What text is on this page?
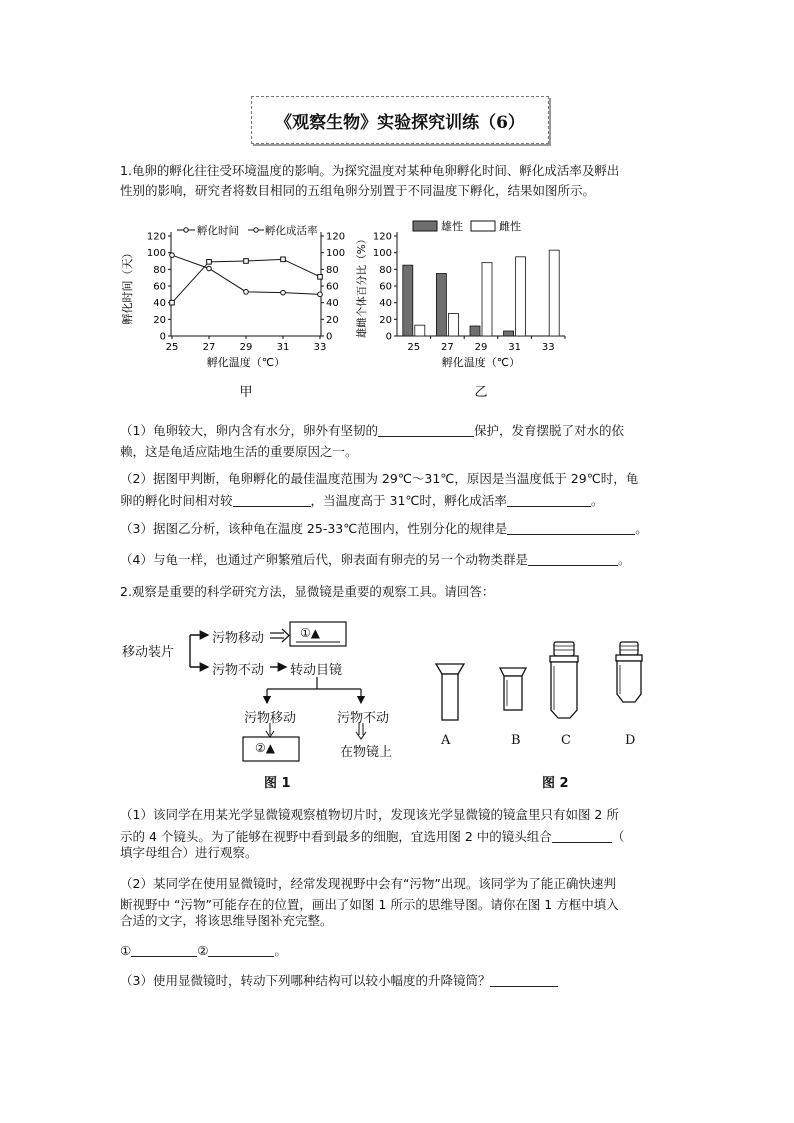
《观察生物》实验探究训练（6）
1.龟卵的孵化往往受环境温度的影响。为探究温度对某种龟卵孵化时间、孵化成活率及孵出
性别的影响，研究者将数目相同的五组龟卵分别置于不同温度下孵化，结果如图所示。
0	0
20	20
40	40
60	60
80	80
100	100
120	120
25 27 29 31 33
孵化时间（天）
孵化温度（℃）
孵化时间 孵化成活率
甲
0
20
40
60
80
100
120
雄雌个体百分比（%）
孵化温度（℃）
雄性	雌性
25 27 29 31 33
乙
（1）龟卵较大，卵内含有水分，卵外有坚韧的	保护，发育摆脱了对水的依
赖，这是龟适应陆地生活的重要原因之一。
（2）据图甲判断，龟卵孵化的最佳温度范围为 29℃～31℃，原因是当温度低于 29℃时，龟
卵的孵化时间相对较	，当温度高于 31℃时，孵化成活率	。
（3）据图乙分析，该种龟在温度 25-33℃范围内，性别分化的规律是	。
（4）与龟一样，也通过产卵繁殖后代，卵表面有卵壳的另一个动物类群是	。
2.观察是重要的科学研究方法，显微镜是重要的观察工具。请回答：
移动装片
污物移动	①▲
污物不动 转动目镜
污物移动	污物不动
②▲	在物镜上
图 1
A	B	C	D
图 2
（1）该同学在用某光学显微镜观察植物切片时，发现该光学显微镜的镜盒里只有如图 2 所
示的 4 个镜头。为了能够在视野中看到最多的细胞，宜选用图 2 中的镜头组合	（
填字母组合）进行观察。
（2）某同学在使用显微镜时，经常发现视野中会有“污物”出现。该同学为了能正确快速判
断视野中 “污物”可能存在的位置，画出了如图 1 所示的思维导图。请你在图 1 方框中填入
合适的文字，将该思维导图补充完整。
①	②	。
（3）使用显微镜时，转动下列哪种结构可以较小幅度的升降镜筒？
